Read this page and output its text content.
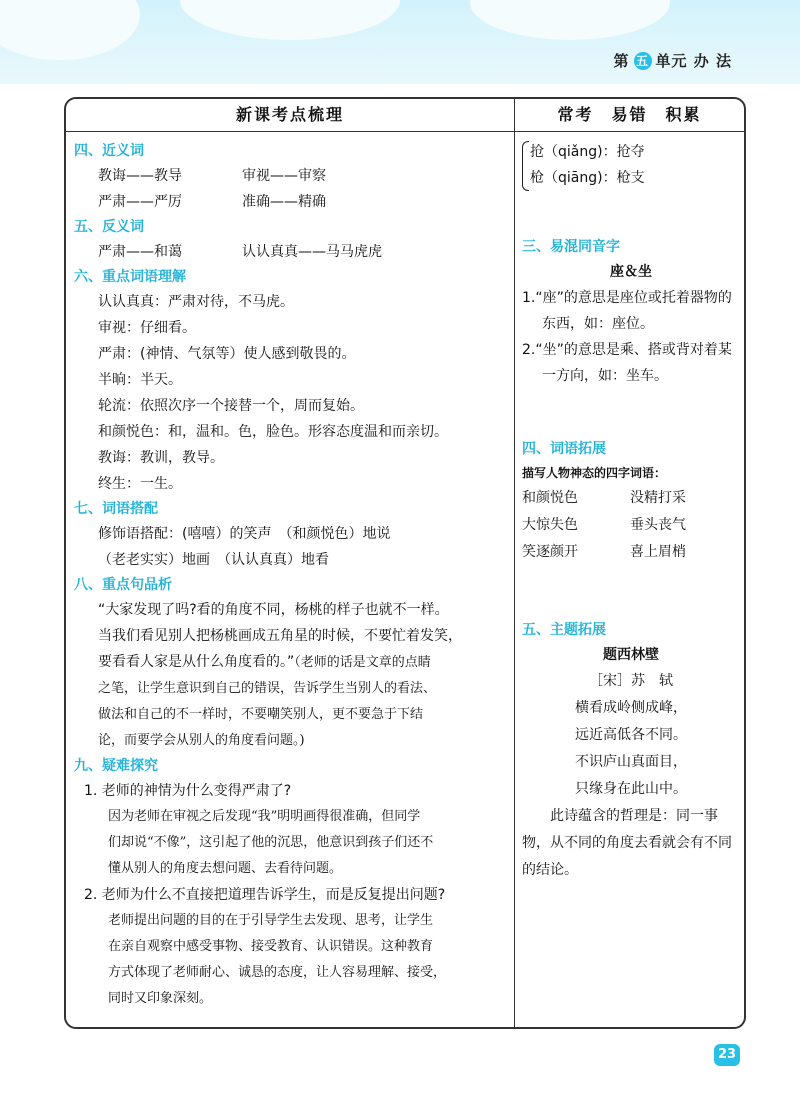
第 五 单元 办 法
新课考点梳理	常考　易错　积累
四、近义词
教诲——教导	审视——审察
严肃——严厉	准确——精确
五、反义词
严肃——和蔼	认认真真——马马虎虎
六、重点词语理解
认认真真：严肃对待，不马虎。
审视：仔细看。
严肃：(神情、气氛等）使人感到敬畏的。
半晌：半天。
轮流：依照次序一个接替一个，周而复始。
和颜悦色：和，温和。色，脸色。形容态度温和而亲切。
教诲：教训，教导。
终生：一生。
七、词语搭配
修饰语搭配：(嘻嘻）的笑声　（和颜悦色）地说
（老老实实）地画　（认认真真）地看
八、重点句品析
“大家发现了吗?看的角度不同，杨桃的样子也就不一样。
当我们看见别人把杨桃画成五角星的时候，不要忙着发笑，
要看看人家是从什么角度看的。”（老师的话是文章的点睛
之笔，让学生意识到自己的错误，告诉学生当别人的看法、
做法和自己的不一样时，不要嘲笑别人，更不要急于下结
论，而要学会从别人的角度看问题。)
九、疑难探究
1. 老师的神情为什么变得严肃了?
因为老师在审视之后发现“我”明明画得很准确，但同学
们却说“不像”，这引起了他的沉思，他意识到孩子们还不
懂从别人的角度去想问题、去看待问题。
2. 老师为什么不直接把道理告诉学生，而是反复提出问题?
老师提出问题的目的在于引导学生去发现、思考，让学生
在亲自观察中感受事物、接受教育、认识错误。这种教育
方式体现了老师耐心、诚恳的态度，让人容易理解、接受，
同时又印象深刻。
抢（qiǎng)：抢夺
枪（qiāng)：枪支
三、易混同音字
座＆坐
1.“座”的意思是座位或托着器物的东西，如：座位。
2.“坐”的意思是乘、搭或背对着某一方向，如：坐车。
四、词语拓展
描写人物神态的四字词语：
和颜悦色	没精打采
大惊失色	垂头丧气
笑逐颜开	喜上眉梢
五、主题拓展
题西林壁
［宋］苏　轼
横看成岭侧成峰，
远近高低各不同。
不识庐山真面目，
只缘身在此山中。
此诗蕴含的哲理是：同一事物，从不同的角度去看就会有不同的结论。
23
